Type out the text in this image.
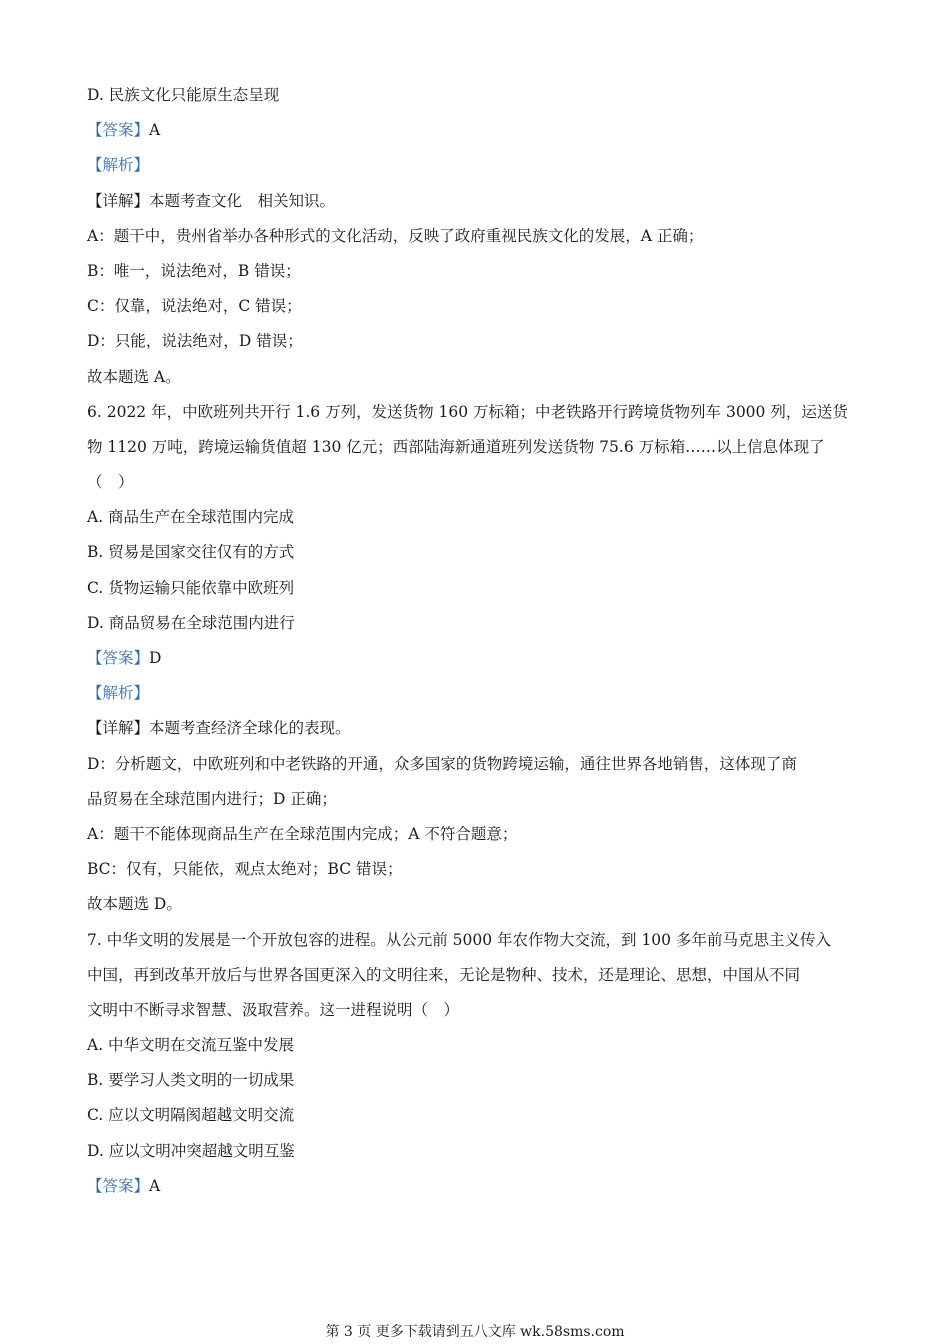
D. 民族文化只能原生态呈现
【答案】A
【解析】
【详解】本题考查文化　相关知识。
A：题干中，贵州省举办各种形式的文化活动，反映了政府重视民族文化的发展，A 正确；
B：唯一，说法绝对，B 错误；
C：仅靠，说法绝对，C 错误；
D：只能，说法绝对，D 错误；
故本题选 A。
6. 2022 年，中欧班列共开行 1.6 万列，发送货物 160 万标箱；中老铁路开行跨境货物列车 3000 列，运送货
物 1120 万吨，跨境运输货值超 130 亿元；西部陆海新通道班列发送货物 75.6 万标箱……以上信息体现了
（　）
A. 商品生产在全球范围内完成
B. 贸易是国家交往仅有的方式
C. 货物运输只能依靠中欧班列
D. 商品贸易在全球范围内进行
【答案】D
【解析】
【详解】本题考查经济全球化的表现。
D：分析题文，中欧班列和中老铁路的开通，众多国家的货物跨境运输，通往世界各地销售，这体现了商
品贸易在全球范围内进行；D 正确；
A：题干不能体现商品生产在全球范围内完成；A 不符合题意；
BC：仅有，只能依，观点太绝对；BC 错误；
故本题选 D。
7. 中华文明的发展是一个开放包容的进程。从公元前 5000 年农作物大交流，到 100 多年前马克思主义传入
中国，再到改革开放后与世界各国更深入的文明往来，无论是物种、技术，还是理论、思想，中国从不同
文明中不断寻求智慧、汲取营养。这一进程说明（　）
A. 中华文明在交流互鉴中发展
B. 要学习人类文明的一切成果
C. 应以文明隔阂超越文明交流
D. 应以文明冲突超越文明互鉴
【答案】A
第 3 页 更多下载请到五八文库 wk.58sms.com
